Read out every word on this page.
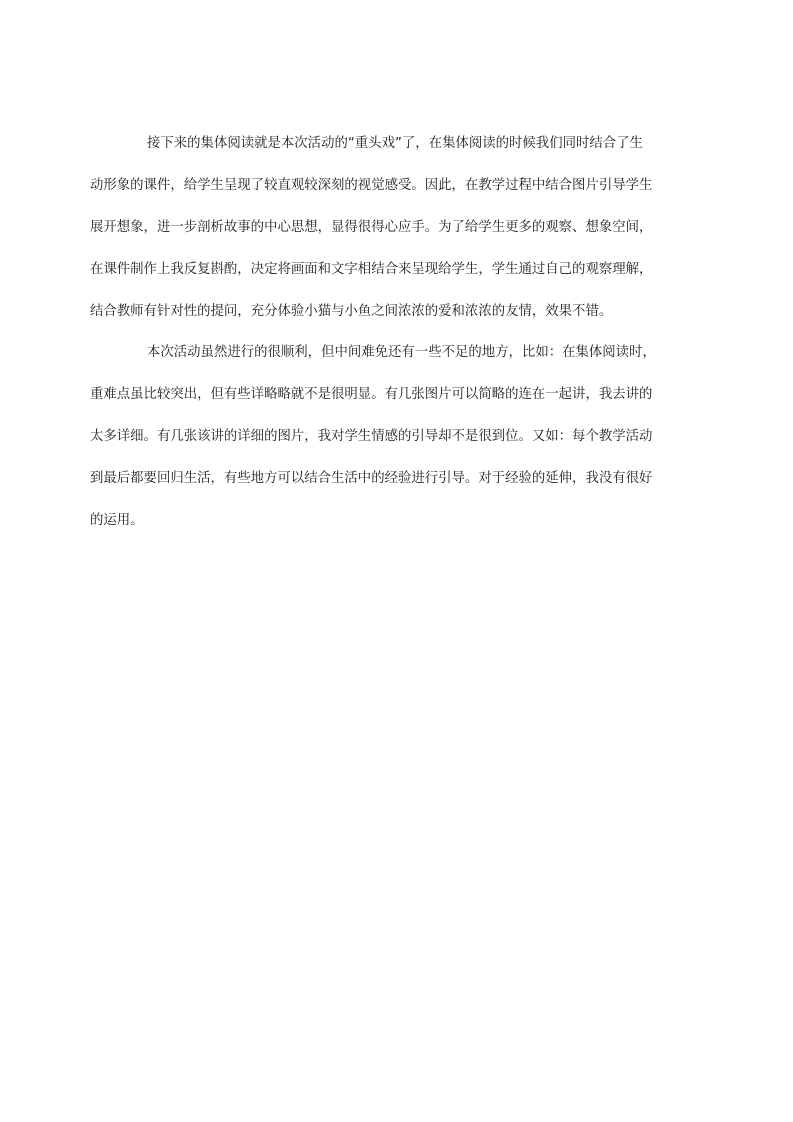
接下来的集体阅读就是本次活动的“重头戏”了，在集体阅读的时候我们同时结合了生
动形象的课件，给学生呈现了较直观较深刻的视觉感受。因此，在教学过程中结合图片引导学生
展开想象，进一步剖析故事的中心思想，显得很得心应手。为了给学生更多的观察、想象空间，
在课件制作上我反复斟酌，决定将画面和文字相结合来呈现给学生，学生通过自己的观察理解，
结合教师有针对性的提问，充分体验小猫与小鱼之间浓浓的爱和浓浓的友情，效果不错。
本次活动虽然进行的很顺利，但中间难免还有一些不足的地方，比如：在集体阅读时，
重难点虽比较突出，但有些详略略就不是很明显。有几张图片可以简略的连在一起讲，我去讲的
太多详细。有几张该讲的详细的图片，我对学生情感的引导却不是很到位。又如：每个教学活动
到最后都要回归生活，有些地方可以结合生活中的经验进行引导。对于经验的延伸，我没有很好
的运用。
